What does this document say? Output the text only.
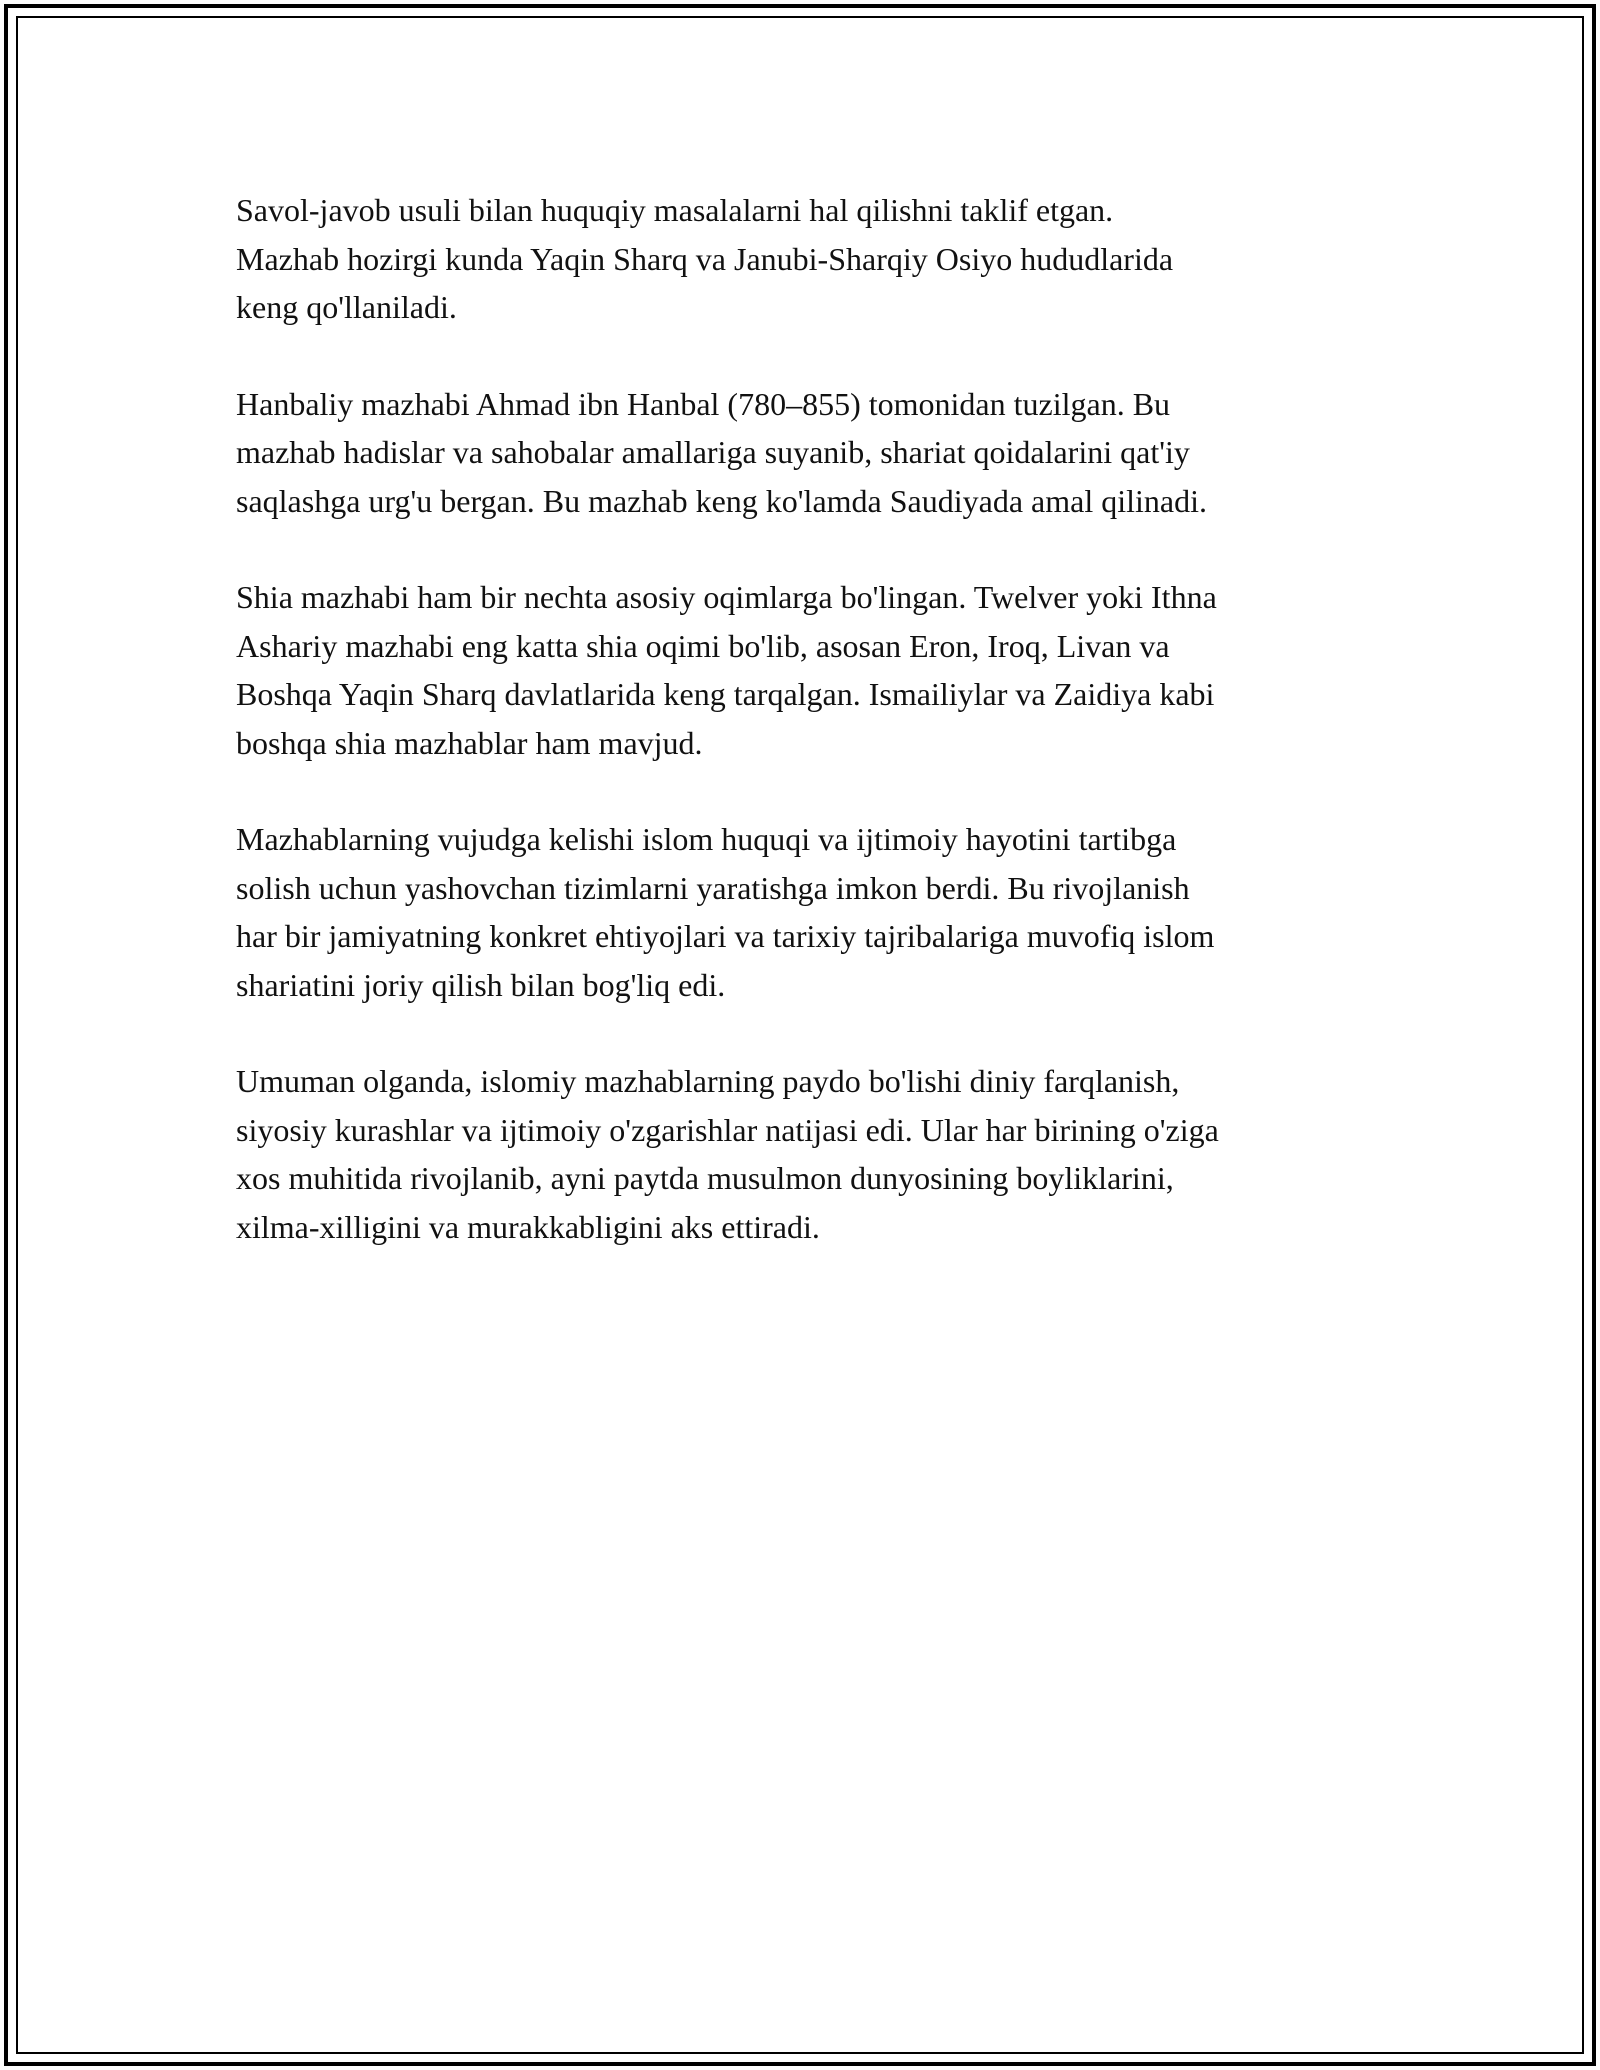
Savol-javob usuli bilan huquqiy masalalarni hal qilishni taklif etgan.
Mazhab hozirgi kunda Yaqin Sharq va Janubi-Sharqiy Osiyo hududlarida
keng qo'llaniladi.

Hanbaliy mazhabi Ahmad ibn Hanbal (780–855) tomonidan tuzilgan. Bu
mazhab hadislar va sahobalar amallariga suyanib, shariat qoidalarini qat'iy
saqlashga urg'u bergan. Bu mazhab keng ko'lamda Saudiyada amal qilinadi.

Shia mazhabi ham bir nechta asosiy oqimlarga bo'lingan. Twelver yoki Ithna
Ashariy mazhabi eng katta shia oqimi bo'lib, asosan Eron, Iroq, Livan va
Boshqa Yaqin Sharq davlatlarida keng tarqalgan. Ismailiylar va Zaidiya kabi
boshqa shia mazhablar ham mavjud.

Mazhablarning vujudga kelishi islom huquqi va ijtimoiy hayotini tartibga
solish uchun yashovchan tizimlarni yaratishga imkon berdi. Bu rivojlanish
har bir jamiyatning konkret ehtiyojlari va tarixiy tajribalariga muvofiq islom
shariatini joriy qilish bilan bog'liq edi.

Umuman olganda, islomiy mazhablarning paydo bo'lishi diniy farqlanish,
siyosiy kurashlar va ijtimoiy o'zgarishlar natijasi edi. Ular har birining o'ziga
xos muhitida rivojlanib, ayni paytda musulmon dunyosining boyliklarini,
xilma-xilligini va murakkabligini aks ettiradi.
